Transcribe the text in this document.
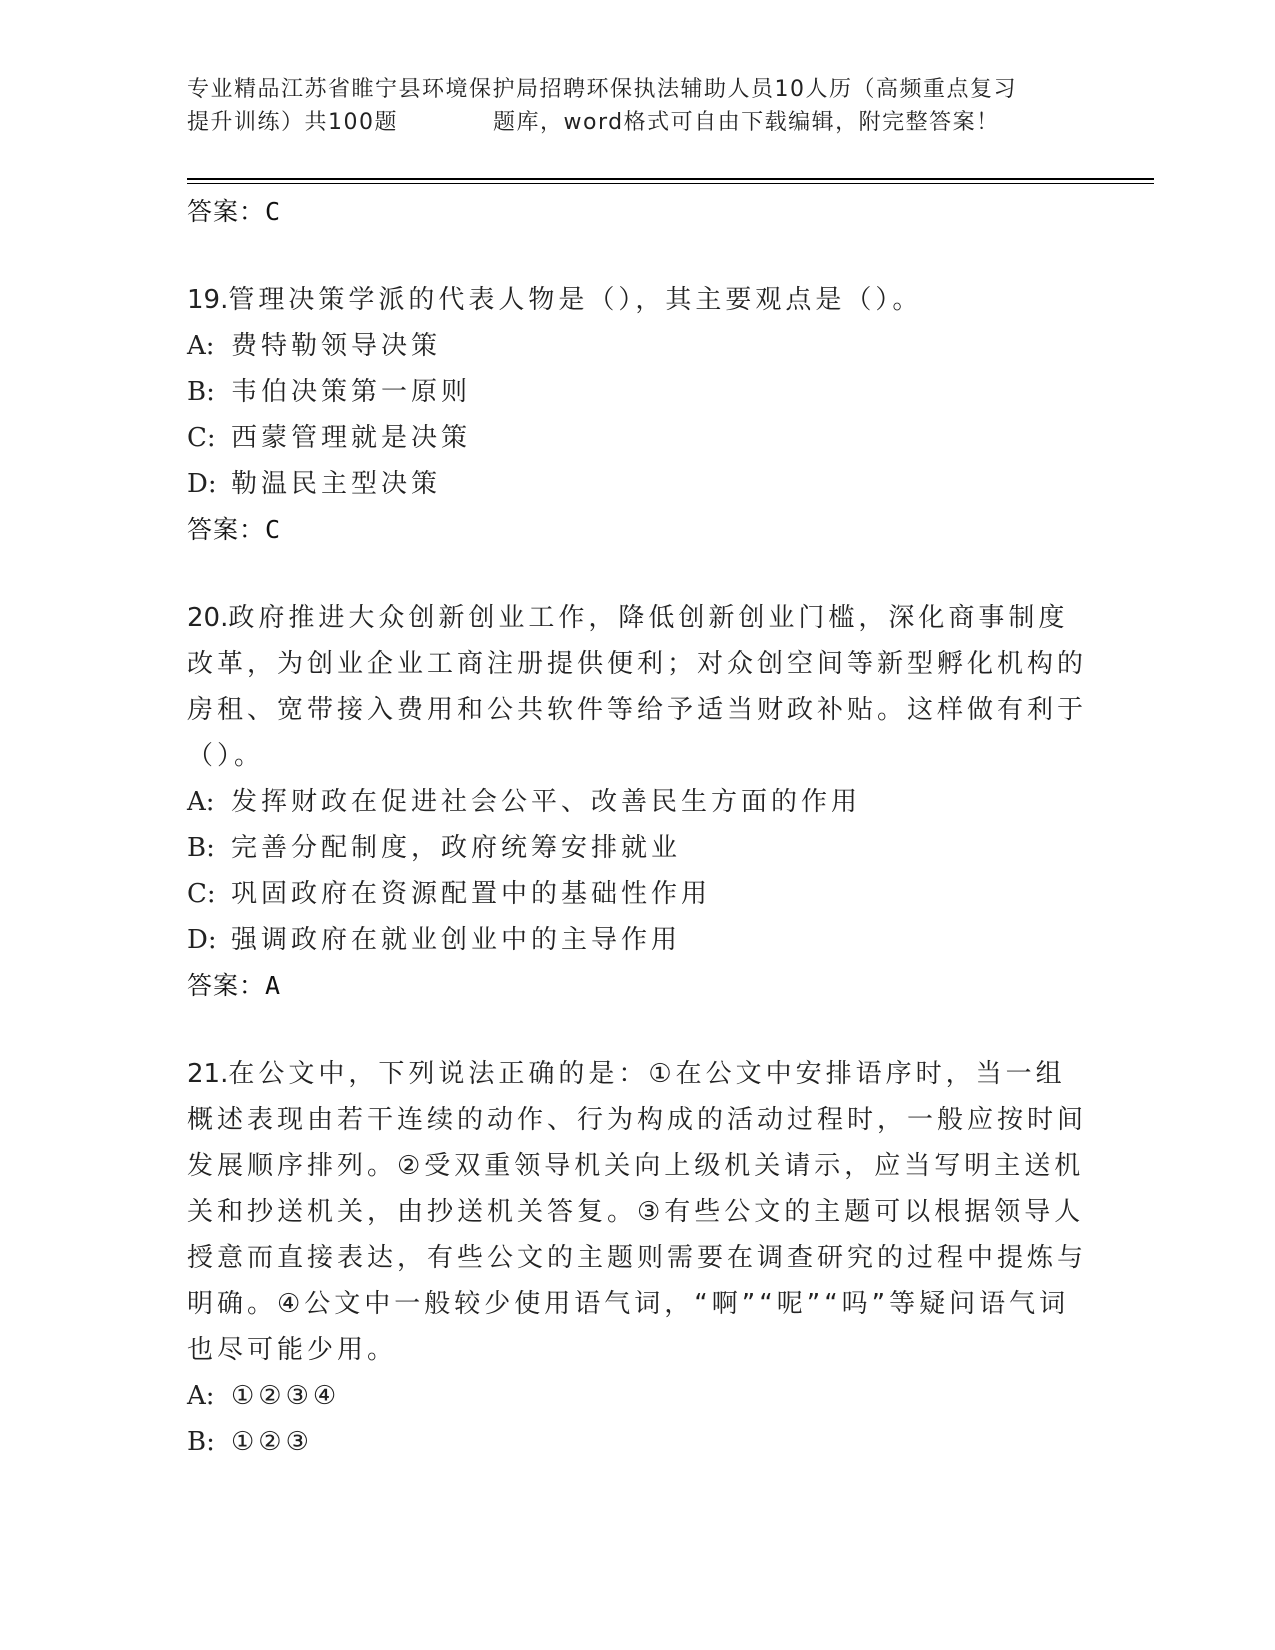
专业精品江苏省睢宁县环境保护局招聘环保执法辅助人员10人历（高频重点复习
提升训练）共100题	题库，word格式可自由下载编辑，附完整答案！
答案：C
19.管理决策学派的代表人物是（），其主要观点是（）。
A: 费特勒领导决策
B: 韦伯决策第一原则
C: 西蒙管理就是决策
D: 勒温民主型决策
答案：C
20.政府推进大众创新创业工作，降低创新创业门槛，深化商事制度改革，为创业企业工商注册提供便利；对众创空间等新型孵化机构的房租、宽带接入费用和公共软件等给予适当财政补贴。这样做有利于（）。
A: 发挥财政在促进社会公平、改善民生方面的作用
B: 完善分配制度，政府统筹安排就业
C: 巩固政府在资源配置中的基础性作用
D: 强调政府在就业创业中的主导作用
答案：A
21.在公文中，下列说法正确的是：①在公文中安排语序时，当一组概述表现由若干连续的动作、行为构成的活动过程时，一般应按时间发展顺序排列。②受双重领导机关向上级机关请示，应当写明主送机关和抄送机关，由抄送机关答复。③有些公文的主题可以根据领导人授意而直接表达，有些公文的主题则需要在调查研究的过程中提炼与明确。④公文中一般较少使用语气词，“啊”“呢”“吗”等疑问语气词也尽可能少用。
A: ①②③④
B: ①②③
